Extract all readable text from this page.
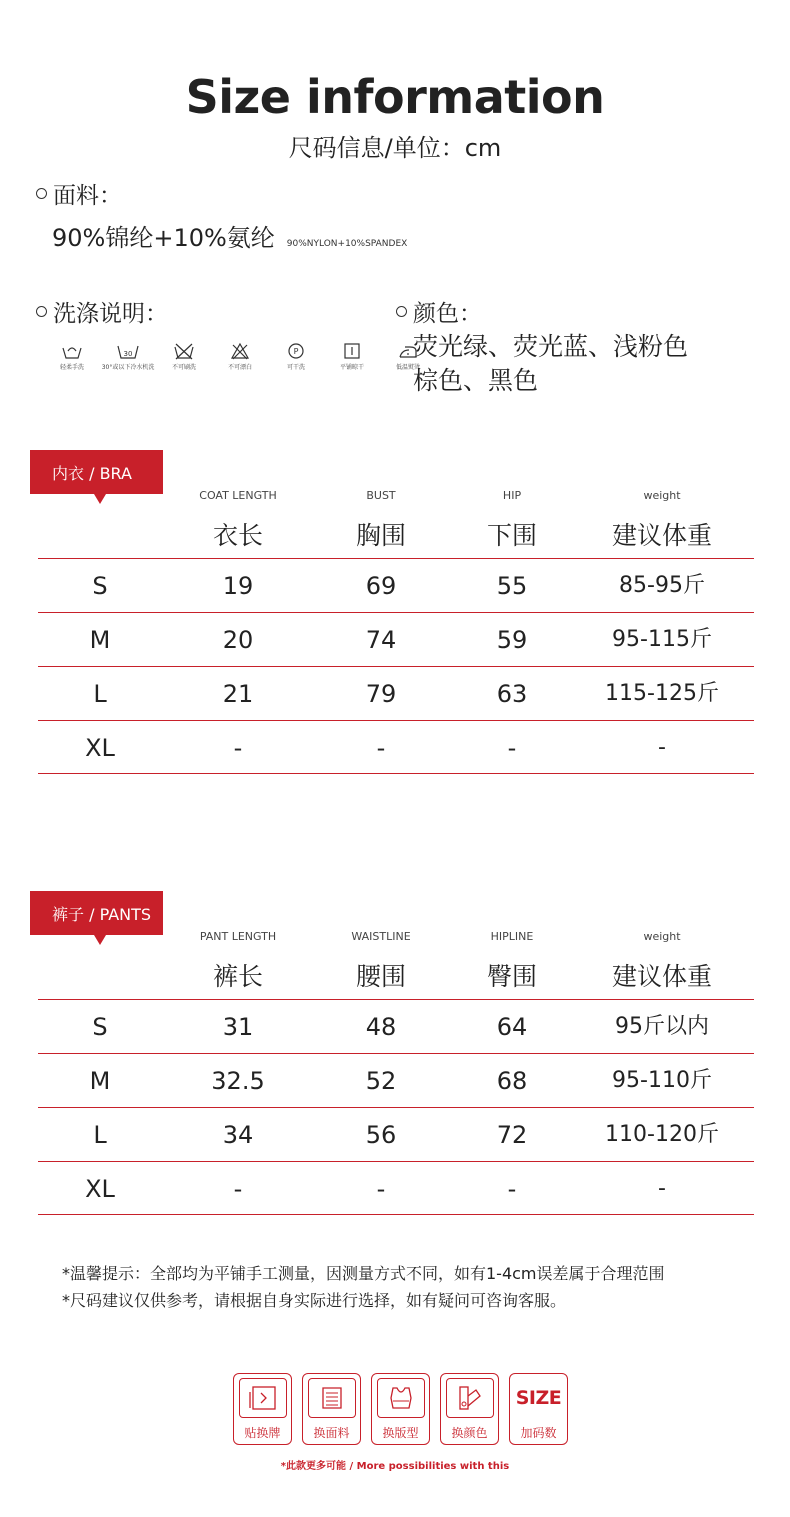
Size information
尺码信息/单位：cm
面料：
90%锦纶+10%氨纶 90%NYLON+10%SPANDEX
洗涤说明：
轻柔手洗
30
30°或以下冷水机洗	不可刷洗	不可漂白
P
可干洗	平铺晾干	低温熨烫
颜色：
荧光绿、荧光蓝、浅粉色
棕色、黑色
内衣 / BRA
COAT LENGTH	BUST	HIP	weight
衣长	胸围	下围	建议体重
S	19	69	55	85-95斤
M	20	74	59	95-115斤
L	21	79	63	115-125斤
XL	-	-	-	-
裤子 / PANTS
PANT LENGTH	WAISTLINE	HIPLINE	weight
裤长	腰围	臀围	建议体重
S	31	48	64	95斤以内
M	32.5	52	68	95-110斤
L	34	56	72	110-120斤
XL	-	-	-	-
*温馨提示：全部均为平铺手工测量，因测量方式不同，如有1-4cm误差属于合理范围
*尺码建议仅供参考，请根据自身实际进行选择，如有疑问可咨询客服。
贴换牌	换面料	换版型	换颜色
SIZE
加码数
*此款更多可能 / More possibilities with this
